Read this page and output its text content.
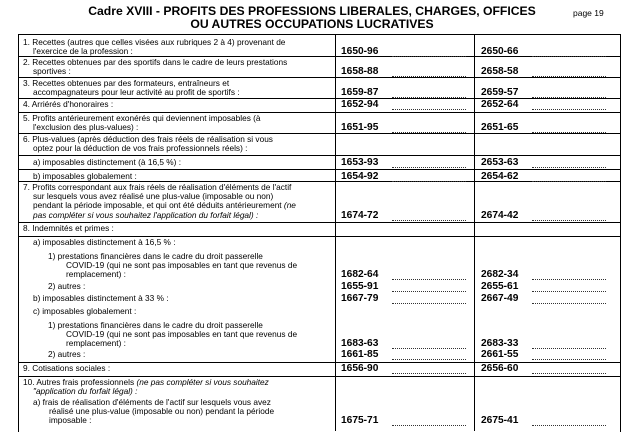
Cadre XVIII - PROFITS DES PROFESSIONS LIBERALES, CHARGES, OFFICES
OU AUTRES OCCUPATIONS LUCRATIVES
page 19
1. Recettes (autres que celles visées aux rubriques 2 à 4) provenant de
l'exercice de la profession :	1650-96	2650-66
2. Recettes obtenues par des sportifs dans le cadre de leurs prestations
sportives :	1658-88	2658-58
3. Recettes obtenues par des formateurs, entraîneurs et
accompagnateurs pour leur activité au profit de sportifs :	1659-87	2659-57
4. Arriérés d'honoraires :	1652-94	2652-64
5. Profits antérieurement exonérés qui deviennent imposables (à
l'exclusion des plus-values) :	1651-95	2651-65
6. Plus-values (après déduction des frais réels de réalisation si vous
optez pour la déduction de vos frais professionnels réels) :
a) imposables distinctement (à 16,5 %) :	1653-93	2653-63
b) imposables globalement :	1654-92	2654-62
7. Profits correspondant aux frais réels de réalisation d'éléments de l'actif
sur lesquels vous avez réalisé une plus-value (imposable ou non)
pendant la période imposable, et qui ont été déduits antérieurement (ne
pas compléter si vous souhaitez l'application du forfait légal) :	1674-72	2674-42
8. Indemnités et primes :
a) imposables distinctement à 16,5 % :
1) prestations financières dans le cadre du droit passerelle
COVID-19 (qui ne sont pas imposables en tant que revenus de
remplacement) :	1682-64	2682-34
2) autres :	1655-91	2655-61
b) imposables distinctement à 33 % :	1667-79	2667-49
c) imposables globalement :
1) prestations financières dans le cadre du droit passerelle
COVID-19 (qui ne sont pas imposables en tant que revenus de
remplacement) :	1683-63	2683-33
2) autres :	1661-85	2661-55
9. Cotisations sociales :	1656-90	2656-60
10. Autres frais professionnels (ne pas compléter si vous souhaitez
"application du forfait légal) :
a) frais de réalisation d'éléments de l'actif sur lesquels vous avez
réalisé une plus-value (imposable ou non) pendant la période
imposable :	1675-71	2675-41
